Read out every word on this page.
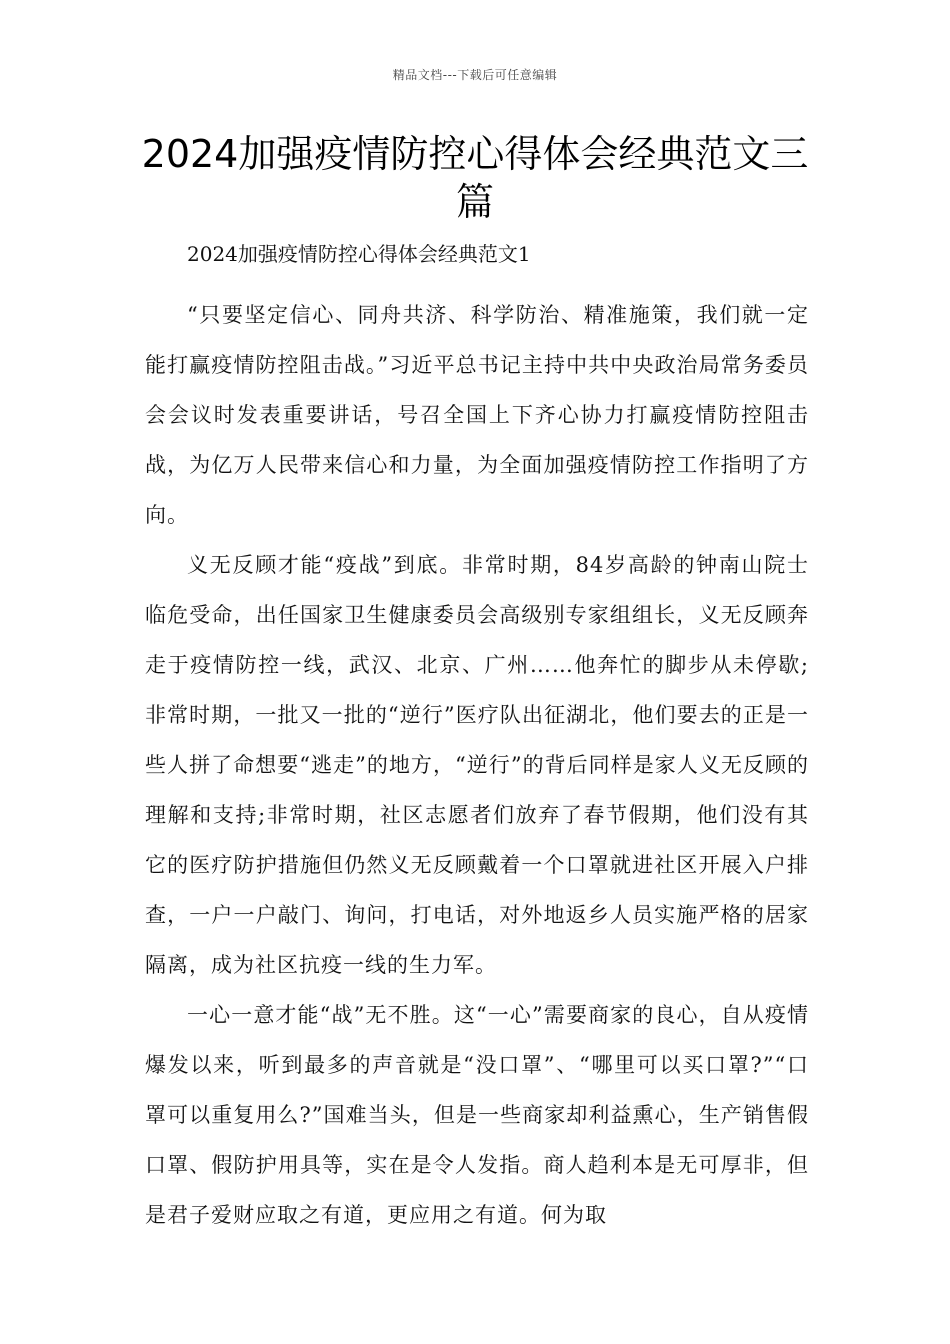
精品文档---下载后可任意编辑
2024加强疫情防控心得体会经典范文三篇

2024加强疫情防控心得体会经典范文1

“只要坚定信心、同舟共济、科学防治、精准施策，我们就一定能打赢疫情防控阻击战。”习近平总书记主持中共中央政治局常务委员会会议时发表重要讲话，号召全国上下齐心协力打赢疫情防控阻击战，为亿万人民带来信心和力量，为全面加强疫情防控工作指明了方向。

义无反顾才能“疫战”到底。非常时期，84岁高龄的钟南山院士临危受命，出任国家卫生健康委员会高级别专家组组长，义无反顾奔走于疫情防控一线，武汉、北京、广州……他奔忙的脚步从未停歇;非常时期，一批又一批的“逆行”医疗队出征湖北，他们要去的正是一些人拼了命想要“逃走”的地方，“逆行”的背后同样是家人义无反顾的理解和支持;非常时期，社区志愿者们放弃了春节假期，他们没有其它的医疗防护措施但仍然义无反顾戴着一个口罩就进社区开展入户排查，一户一户敲门、询问，打电话，对外地返乡人员实施严格的居家隔离，成为社区抗疫一线的生力军。

一心一意才能“战”无不胜。这“一心”需要商家的良心，自从疫情爆发以来，听到最多的声音就是“没口罩”、“哪里可以买口罩?”“口罩可以重复用么?”国难当头，但是一些商家却利益熏心，生产销售假口罩、假防护用具等，实在是令人发指。商人趋利本是无可厚非，但是君子爱财应取之有道，更应用之有道。何为取
